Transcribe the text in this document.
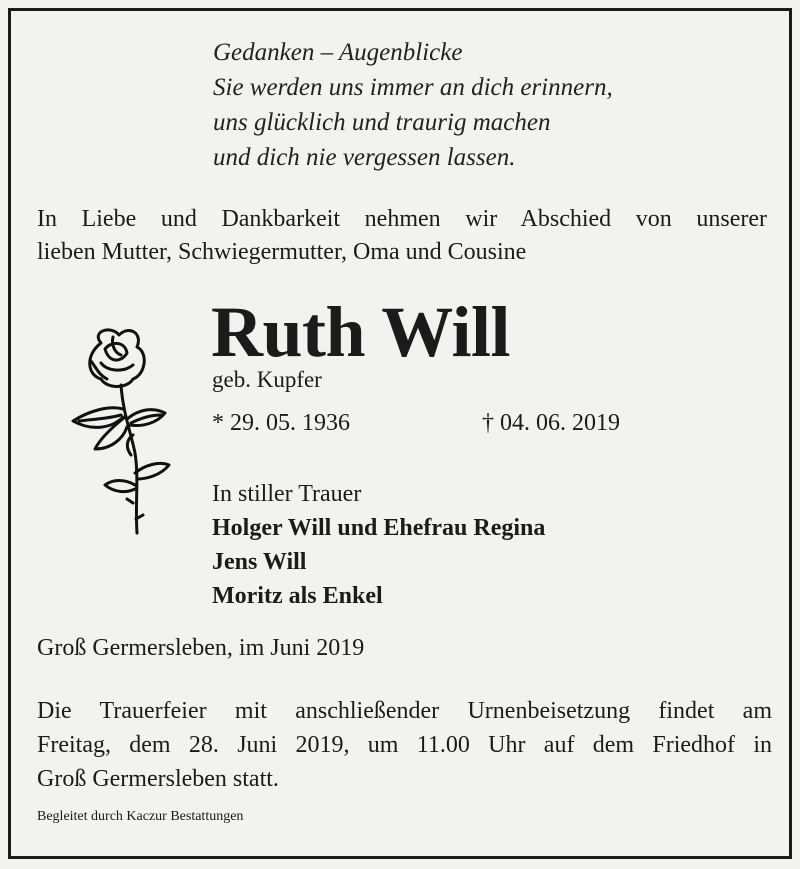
Gedanken – Augenblicke
Sie werden uns immer an dich erinnern,
uns glücklich und traurig machen
und dich nie vergessen lassen.
In Liebe und Dankbarkeit nehmen wir Abschied von unserer
lieben Mutter, Schwiegermutter, Oma und Cousine
Ruth Will
geb. Kupfer
* 29. 05. 1936	† 04. 06. 2019
In stiller Trauer
Holger Will und Ehefrau Regina
Jens Will
Moritz als Enkel
Groß Germersleben, im Juni 2019
Die Trauerfeier mit anschließender Urnenbeisetzung findet am
Freitag, dem 28. Juni 2019, um 11.00 Uhr auf dem Friedhof in
Groß Germersleben statt.
Begleitet durch Kaczur Bestattungen
